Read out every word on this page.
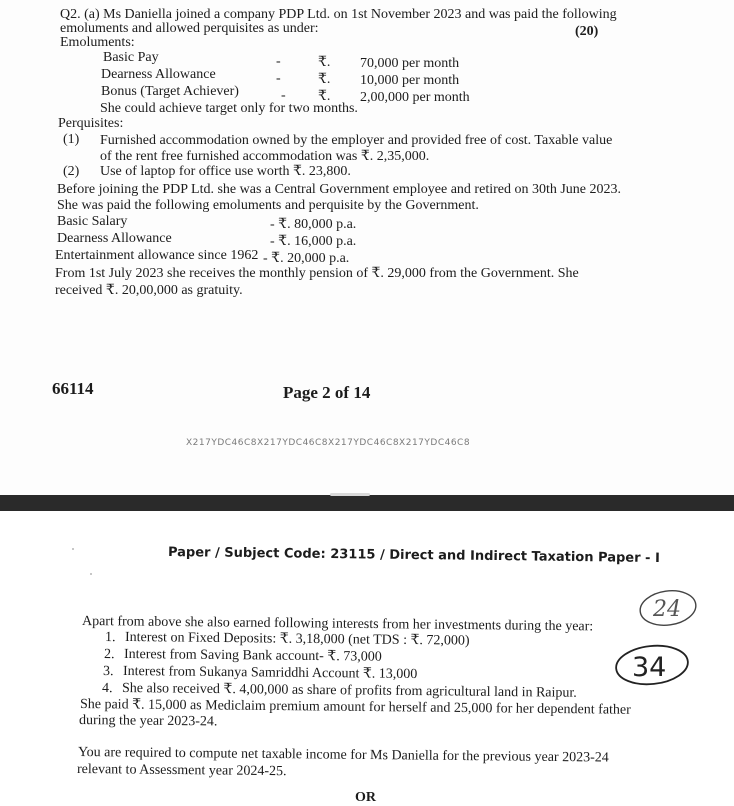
Q2. (a) Ms Daniella joined a company PDP Ltd. on 1st November 2023 and was paid the following
emoluments and allowed perquisites as under:	(20)
Emoluments:
Basic Pay	-	₹. 70,000 per month
Dearness Allowance	-	₹. 10,000 per month
Bonus (Target Achiever)	- ₹. 2,00,000 per month
She could achieve target only for two months.
Perquisites:
(1) Furnished accommodation owned by the employer and provided free of cost. Taxable value
of the rent free furnished accommodation was ₹. 2,35,000.
(2) Use of laptop for office use worth ₹. 23,800.
Before joining the PDP Ltd. she was a Central Government employee and retired on 30th June 2023.
She was paid the following emoluments and perquisite by the Government.
Basic Salary	- ₹. 80,000 p.a.
Dearness Allowance	- ₹. 16,000 p.a.
Entertainment allowance since 1962 - ₹. 20,000 p.a.
From 1st July 2023 she receives the monthly pension of ₹. 29,000 from the Government. She
received ₹. 20,00,000 as gratuity.
66114	Page 2 of 14
X217YDC46C8X217YDC46C8X217YDC46C8X217YDC46C8
Paper / Subject Code: 23115 / Direct and Indirect Taxation Paper - I
Apart from above she also earned following interests from her investments during the year:
1. Interest on Fixed Deposits: ₹. 3,18,000 (net TDS : ₹. 72,000)
2. Interest from Saving Bank account- ₹. 73,000
3. Interest from Sukanya Samriddhi Account ₹. 13,000
4. She also received ₹. 4,00,000 as share of profits from agricultural land in Raipur.
She paid ₹. 15,000 as Mediclaim premium amount for herself and 25,000 for her dependent father
during the year 2023-24.
You are required to compute net taxable income for Ms Daniella for the previous year 2023-24
relevant to Assessment year 2024-25.
OR
24
34
